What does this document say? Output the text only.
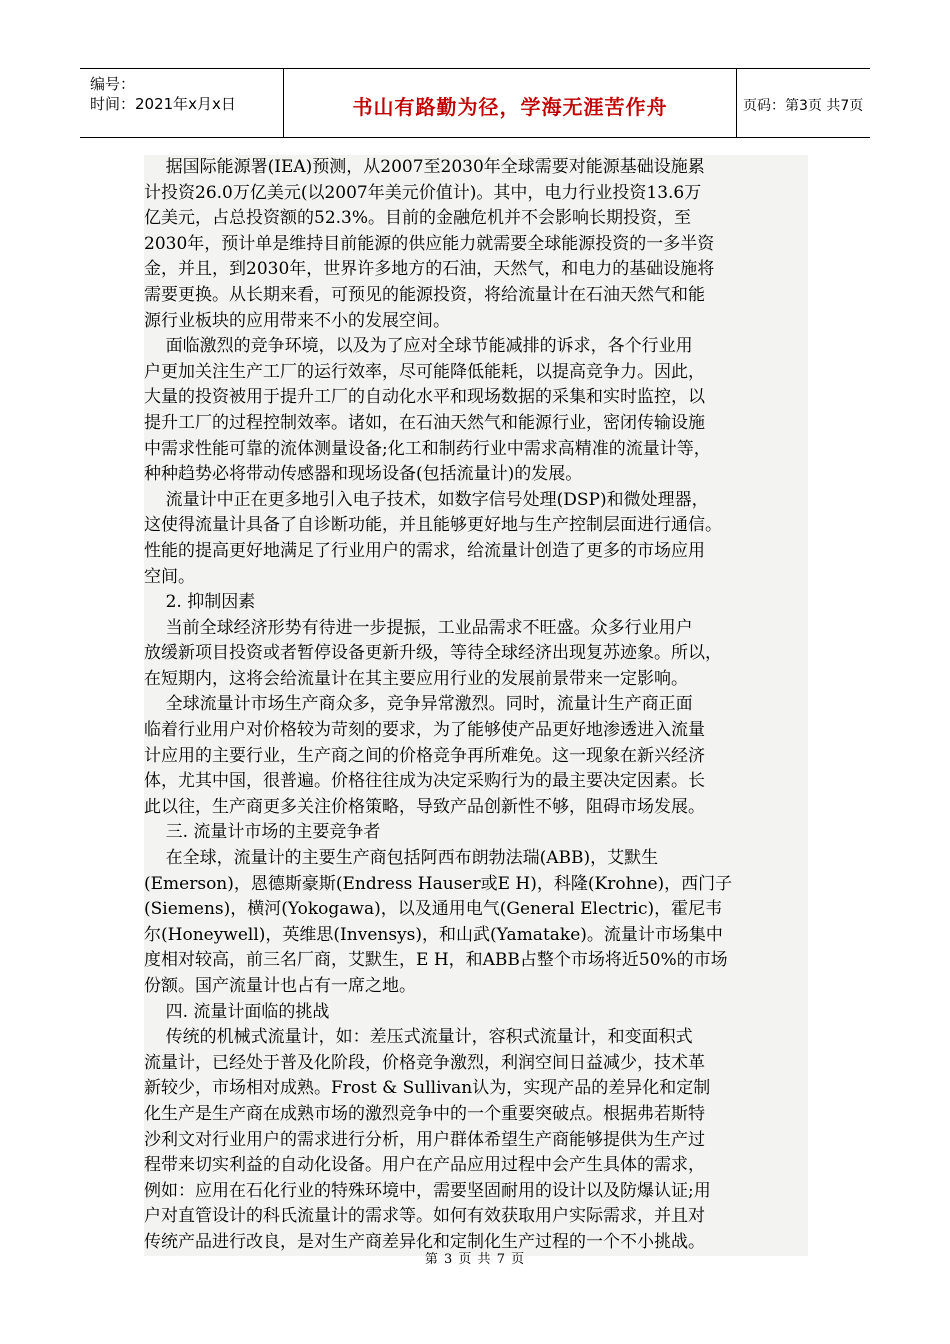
编号：
时间：2021年x月x日	书山有路勤为径，学海无涯苦作舟	页码：第3页 共7页
据国际能源署(IEA)预测，从2007至2030年全球需要对能源基础设施累
计投资26.0万亿美元(以2007年美元价值计)。其中，电力行业投资13.6万
亿美元，占总投资额的52.3%。目前的金融危机并不会影响长期投资，至
2030年，预计单是维持目前能源的供应能力就需要全球能源投资的一多半资
金，并且，到2030年，世界许多地方的石油，天然气，和电力的基础设施将
需要更换。从长期来看，可预见的能源投资，将给流量计在石油天然气和能
源行业板块的应用带来不小的发展空间。
面临激烈的竞争环境，以及为了应对全球节能减排的诉求，各个行业用
户更加关注生产工厂的运行效率，尽可能降低能耗，以提高竞争力。因此，
大量的投资被用于提升工厂的自动化水平和现场数据的采集和实时监控，以
提升工厂的过程控制效率。诸如，在石油天然气和能源行业，密闭传输设施
中需求性能可靠的流体测量设备;化工和制药行业中需求高精准的流量计等，
种种趋势必将带动传感器和现场设备(包括流量计)的发展。
流量计中正在更多地引入电子技术，如数字信号处理(DSP)和微处理器，
这使得流量计具备了自诊断功能，并且能够更好地与生产控制层面进行通信。
性能的提高更好地满足了行业用户的需求，给流量计创造了更多的市场应用
空间。
2. 抑制因素
当前全球经济形势有待进一步提振，工业品需求不旺盛。众多行业用户
放缓新项目投资或者暂停设备更新升级，等待全球经济出现复苏迹象。所以，
在短期内，这将会给流量计在其主要应用行业的发展前景带来一定影响。
全球流量计市场生产商众多，竞争异常激烈。同时，流量计生产商正面
临着行业用户对价格较为苛刻的要求，为了能够使产品更好地渗透进入流量
计应用的主要行业，生产商之间的价格竞争再所难免。这一现象在新兴经济
体，尤其中国，很普遍。价格往往成为决定采购行为的最主要决定因素。长
此以往，生产商更多关注价格策略，导致产品创新性不够，阻碍市场发展。
三. 流量计市场的主要竞争者
在全球，流量计的主要生产商包括阿西布朗勃法瑞(ABB)，艾默生
(Emerson)，恩德斯豪斯(Endress Hauser或E H)，科隆(Krohne)，西门子
(Siemens)，横河(Yokogawa)，以及通用电气(General Electric)，霍尼韦
尔(Honeywell)，英维思(Invensys)，和山武(Yamatake)。流量计市场集中
度相对较高，前三名厂商，艾默生，E H，和ABB占整个市场将近50%的市场
份额。国产流量计也占有一席之地。
四. 流量计面临的挑战
传统的机械式流量计，如：差压式流量计，容积式流量计，和变面积式
流量计，已经处于普及化阶段，价格竞争激烈，利润空间日益减少，技术革
新较少，市场相对成熟。Frost & Sullivan认为，实现产品的差异化和定制
化生产是生产商在成熟市场的激烈竞争中的一个重要突破点。根据弗若斯特
沙利文对行业用户的需求进行分析，用户群体希望生产商能够提供为生产过
程带来切实利益的自动化设备。用户在产品应用过程中会产生具体的需求，
例如：应用在石化行业的特殊环境中，需要坚固耐用的设计以及防爆认证;用
户对直管设计的科氏流量计的需求等。如何有效获取用户实际需求，并且对
传统产品进行改良，是对生产商差异化和定制化生产过程的一个不小挑战。
第 3 页 共 7 页
